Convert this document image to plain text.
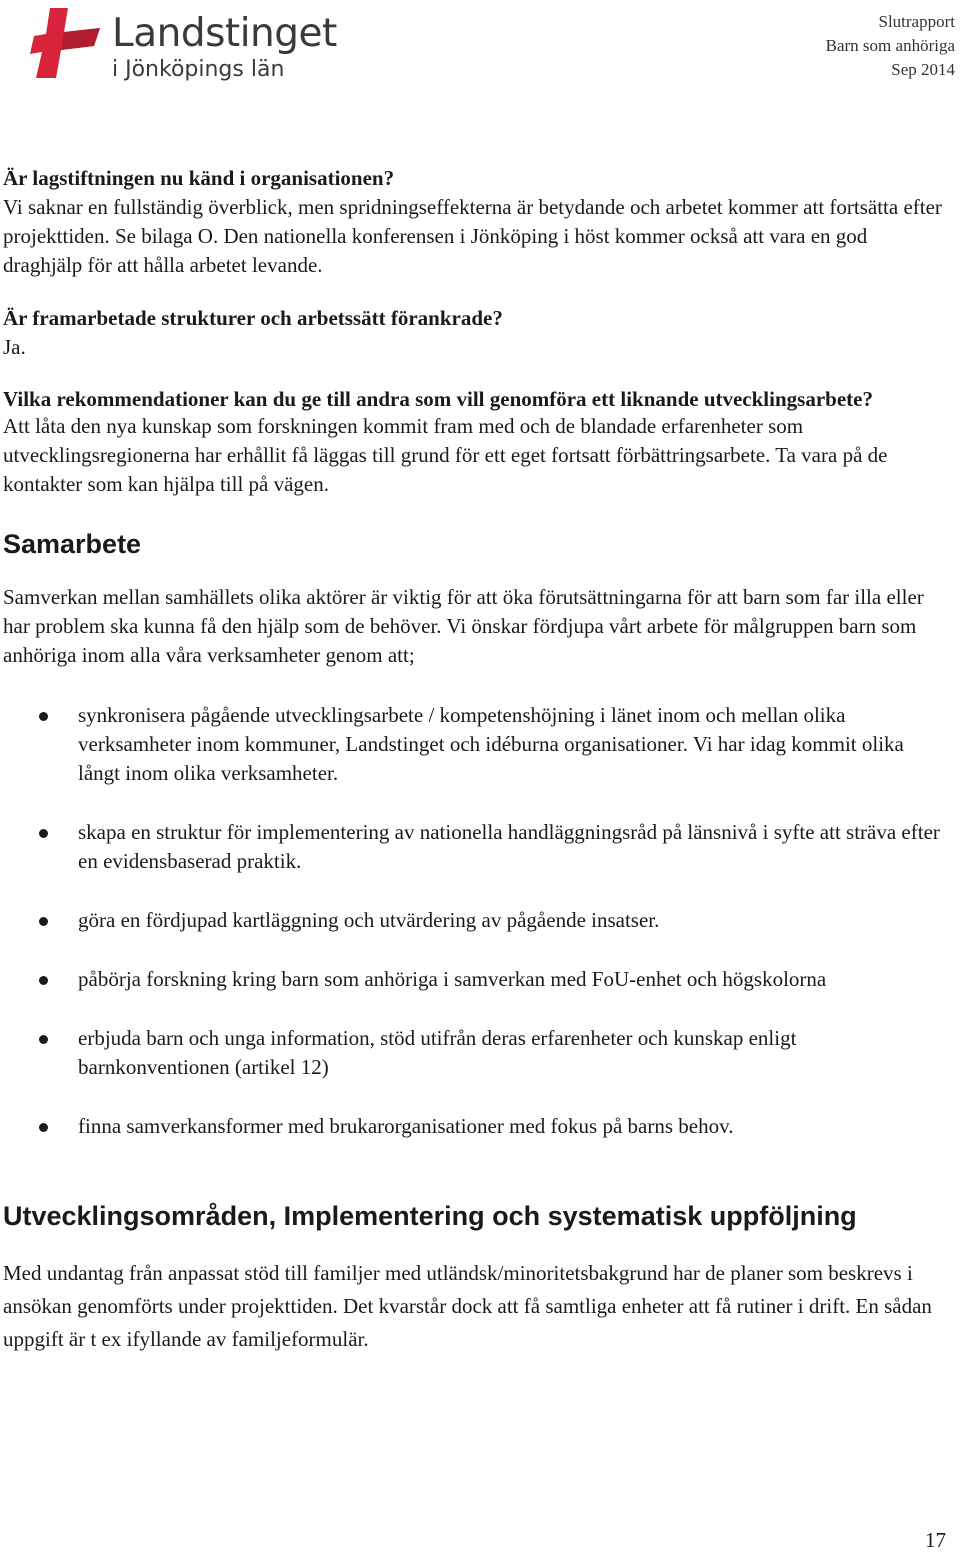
Landstinget
i Jönköpings län
Slutrapport
Barn som anhöriga
Sep 2014
Är lagstiftningen nu känd i organisationen?
Vi saknar en fullständig överblick, men spridningseffekterna är betydande och arbetet kommer att fortsätta efter projekttiden. Se bilaga O. Den nationella konferensen i Jönköping i höst kommer också att vara en god draghjälp för att hålla arbetet levande.
Är framarbetade strukturer och arbetssätt förankrade?
Ja.
Vilka rekommendationer kan du ge till andra som vill genomföra ett liknande utvecklingsarbete?
Att låta den nya kunskap som forskningen kommit fram med och de blandade erfarenheter som utvecklingsregionerna har erhållit få läggas till grund för ett eget fortsatt förbättringsarbete. Ta vara på de kontakter som kan hjälpa till på vägen.
Samarbete

Samverkan mellan samhällets olika aktörer är viktig för att öka förutsättningarna för att barn som far illa eller har problem ska kunna få den hjälp som de behöver. Vi önskar fördjupa vårt arbete för målgruppen barn som anhöriga inom alla våra verksamheter genom att;

synkronisera pågående utvecklingsarbete / kompetenshöjning i länet inom och mellan olika verksamheter inom kommuner, Landstinget och idéburna organisationer. Vi har idag kommit olika långt inom olika verksamheter.
skapa en struktur för implementering av nationella handläggningsråd på länsnivå i syfte att sträva efter en evidensbaserad praktik.
göra en fördjupad kartläggning och utvärdering av pågående insatser.
påbörja forskning kring barn som anhöriga i samverkan med FoU-enhet och högskolorna
erbjuda barn och unga information, stöd utifrån deras erfarenheter och kunskap enligt barnkonventionen (artikel 12)
finna samverkansformer med brukarorganisationer med fokus på barns behov.
Utvecklingsområden, Implementering och systematisk uppföljning

Med undantag från anpassat stöd till familjer med utländsk/minoritetsbakgrund har de planer som beskrevs i ansökan genomförts under projekttiden. Det kvarstår dock att få samtliga enheter att få rutiner i drift. En sådan uppgift är t ex ifyllande av familjeformulär.

17
